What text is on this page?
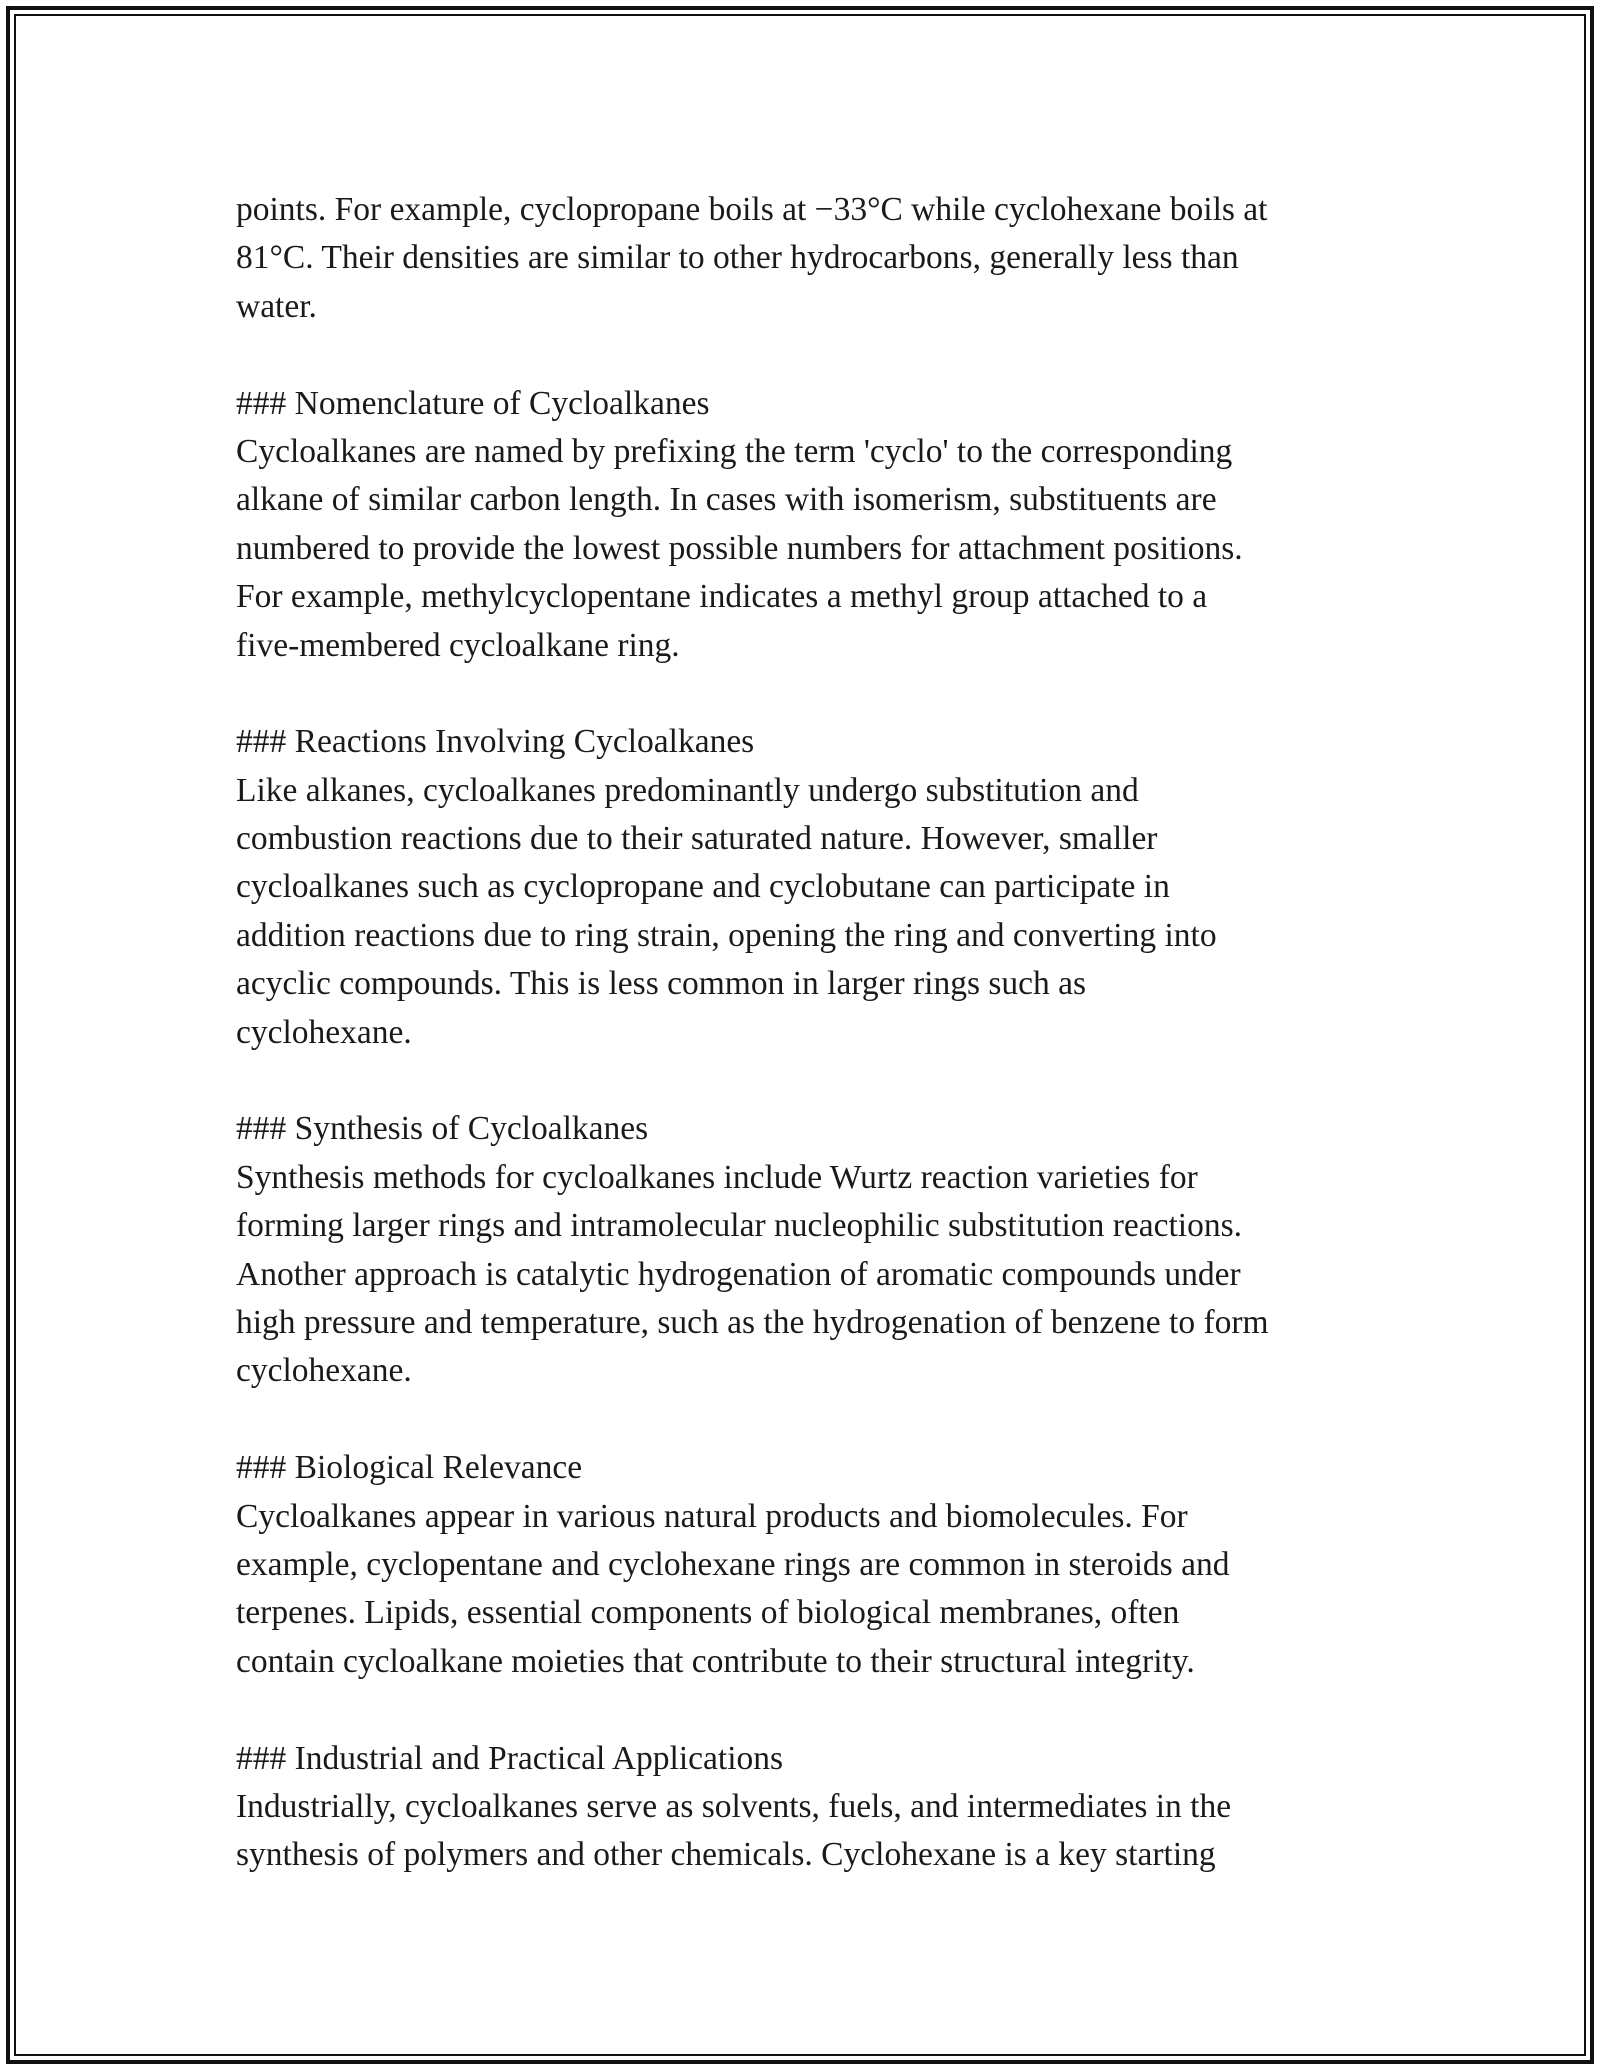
points. For example, cyclopropane boils at −33°C while cyclohexane boils at
81°C. Their densities are similar to other hydrocarbons, generally less than
water.
### Nomenclature of Cycloalkanes
Cycloalkanes are named by prefixing the term 'cyclo' to the corresponding
alkane of similar carbon length. In cases with isomerism, substituents are
numbered to provide the lowest possible numbers for attachment positions.
For example, methylcyclopentane indicates a methyl group attached to a
five-membered cycloalkane ring.
### Reactions Involving Cycloalkanes
Like alkanes, cycloalkanes predominantly undergo substitution and
combustion reactions due to their saturated nature. However, smaller
cycloalkanes such as cyclopropane and cyclobutane can participate in
addition reactions due to ring strain, opening the ring and converting into
acyclic compounds. This is less common in larger rings such as
cyclohexane.
### Synthesis of Cycloalkanes
Synthesis methods for cycloalkanes include Wurtz reaction varieties for
forming larger rings and intramolecular nucleophilic substitution reactions.
Another approach is catalytic hydrogenation of aromatic compounds under
high pressure and temperature, such as the hydrogenation of benzene to form
cyclohexane.
### Biological Relevance
Cycloalkanes appear in various natural products and biomolecules. For
example, cyclopentane and cyclohexane rings are common in steroids and
terpenes. Lipids, essential components of biological membranes, often
contain cycloalkane moieties that contribute to their structural integrity.
### Industrial and Practical Applications
Industrially, cycloalkanes serve as solvents, fuels, and intermediates in the
synthesis of polymers and other chemicals. Cyclohexane is a key starting
